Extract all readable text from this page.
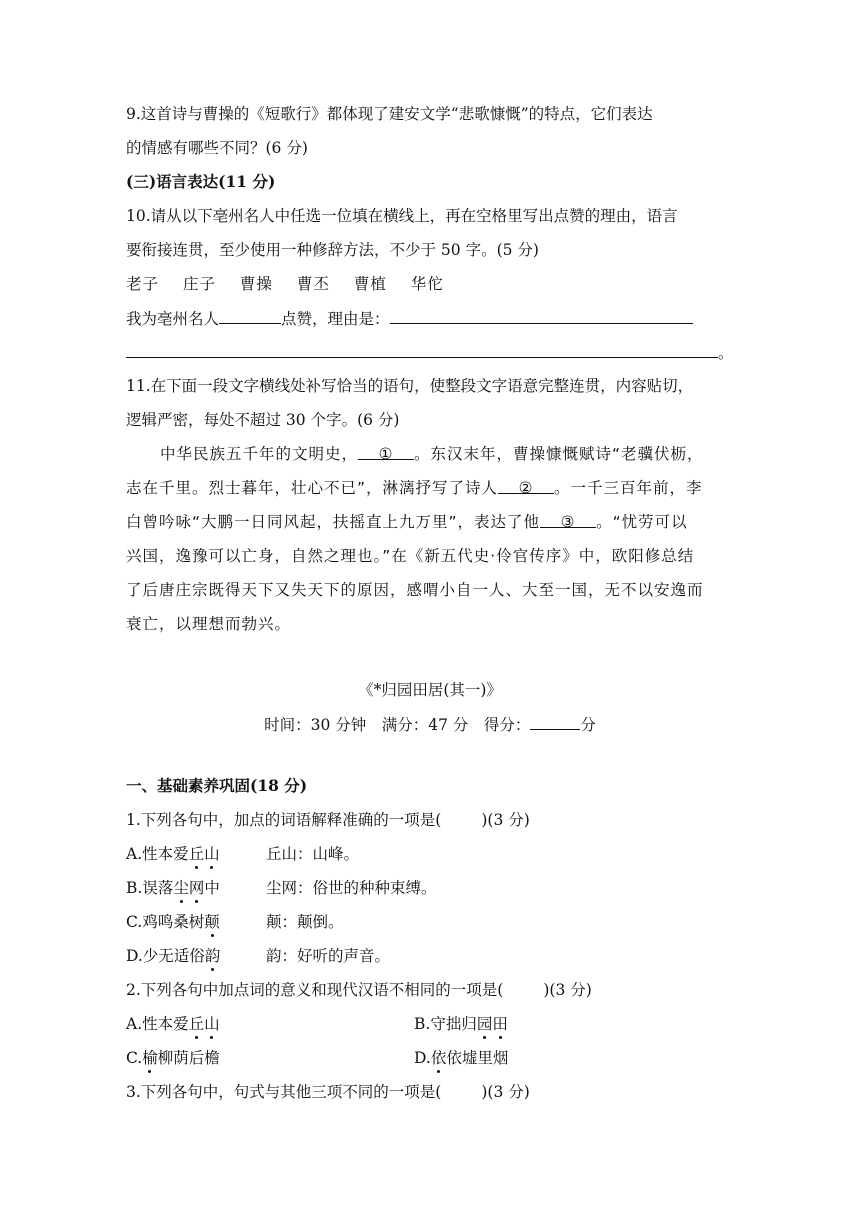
9.这首诗与曹操的《短歌行》都体现了建安文学“悲歌慷慨”的特点，它们表达
的情感有哪些不同？(6 分)
(三)语言表达(11 分)
10.请从以下亳州名人中任选一位填在横线上，再在空格里写出点赞的理由，语言
要衔接连贯，至少使用一种修辞方法，不少于 50 字。(5 分)
老子 庄子 曹操 曹丕 曹植 华佗
我为亳州名人	点赞，理由是：
。
11.在下面一段文字横线处补写恰当的语句，使整段文字语意完整连贯，内容贴切，
逻辑严密，每处不超过 30 个字。(6 分)
中华民族五千年的文明史， ① 。东汉末年，曹操慷慨赋诗“老骥伏枥，
志在千里。烈士暮年，壮心不已”，淋漓抒写了诗人 ② 。一千三百年前，李
白曾吟咏“大鹏一日同风起，扶摇直上九万里”，表达了他 ③ 。“忧劳可以
兴国，逸豫可以亡身，自然之理也。”在《新五代史·伶官传序》中，欧阳修总结
了后唐庄宗既得天下又失天下的原因，感喟小自一人、大至一国，无不以安逸而
衰亡，以理想而勃兴。
《*归园田居(其一)》
时间：30 分钟　满分：47 分　得分：	分
一、基础素养巩固(18 分)
1.下列各句中，加点的词语解释准确的一项是(	)(3 分)
A.性本爱丘山	丘山：山峰。
B.误落尘网中	尘网：俗世的种种束缚。
C.鸡鸣桑树颠	颠：颠倒。
D.少无适俗韵	韵：好听的声音。
2.下列各句中加点词的意义和现代汉语不相同的一项是(	)(3 分)
A.性本爱丘山	B.守拙归园田
C.榆柳荫后檐	D.依依墟里烟
3.下列各句中，句式与其他三项不同的一项是(	)(3 分)
